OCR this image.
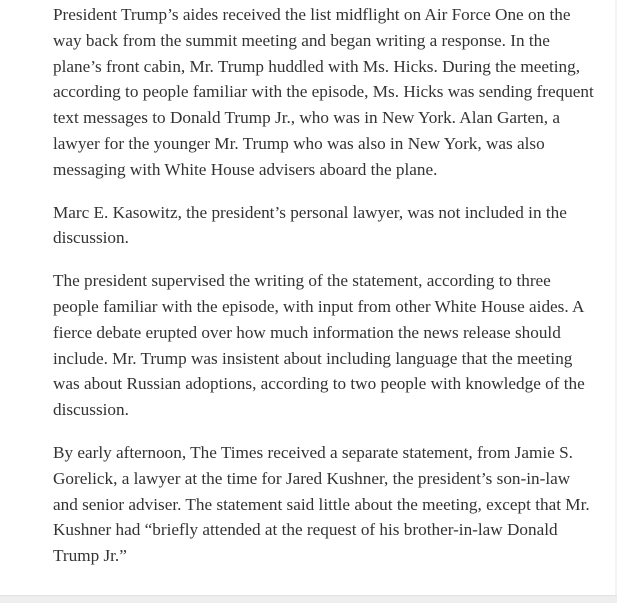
President Trump’s aides received the list midflight on Air Force One on the way back from the summit meeting and began writing a response. In the plane’s front cabin, Mr. Trump huddled with Ms. Hicks. During the meeting, according to people familiar with the episode, Ms. Hicks was sending frequent text messages to Donald Trump Jr., who was in New York. Alan Garten, a lawyer for the younger Mr. Trump who was also in New York, was also messaging with White House advisers aboard the plane.

Marc E. Kasowitz, the president’s personal lawyer, was not included in the discussion.

The president supervised the writing of the statement, according to three people familiar with the episode, with input from other White House aides. A fierce debate erupted over how much information the news release should include. Mr. Trump was insistent about including language that the meeting was about Russian adoptions, according to two people with knowledge of the discussion.

By early afternoon, The Times received a separate statement, from Jamie S. Gorelick, a lawyer at the time for Jared Kushner, the president’s son-in-law and senior adviser. The statement said little about the meeting, except that Mr. Kushner had “briefly attended at the request of his brother-in-law Donald Trump Jr.”
